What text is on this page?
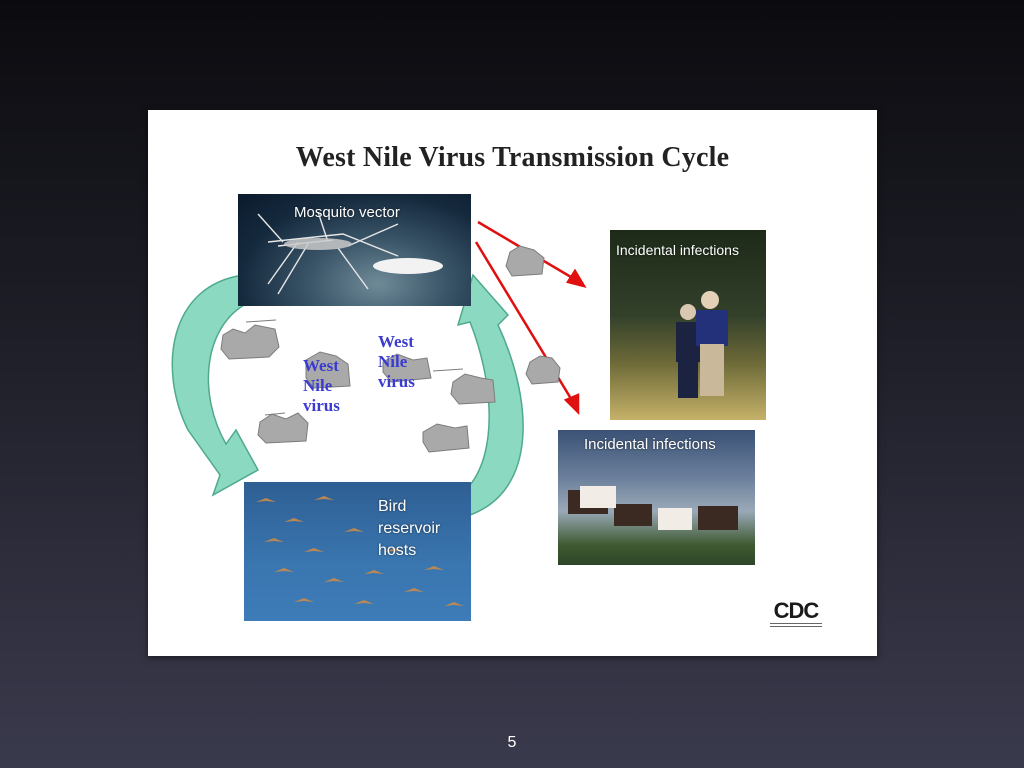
West Nile Virus Transmission Cycle
Mosquito vector
Incidental infections
Incidental infections
Bird
reservoir
hosts
West
Nile
virus
West
Nile
virus
CDC
5
